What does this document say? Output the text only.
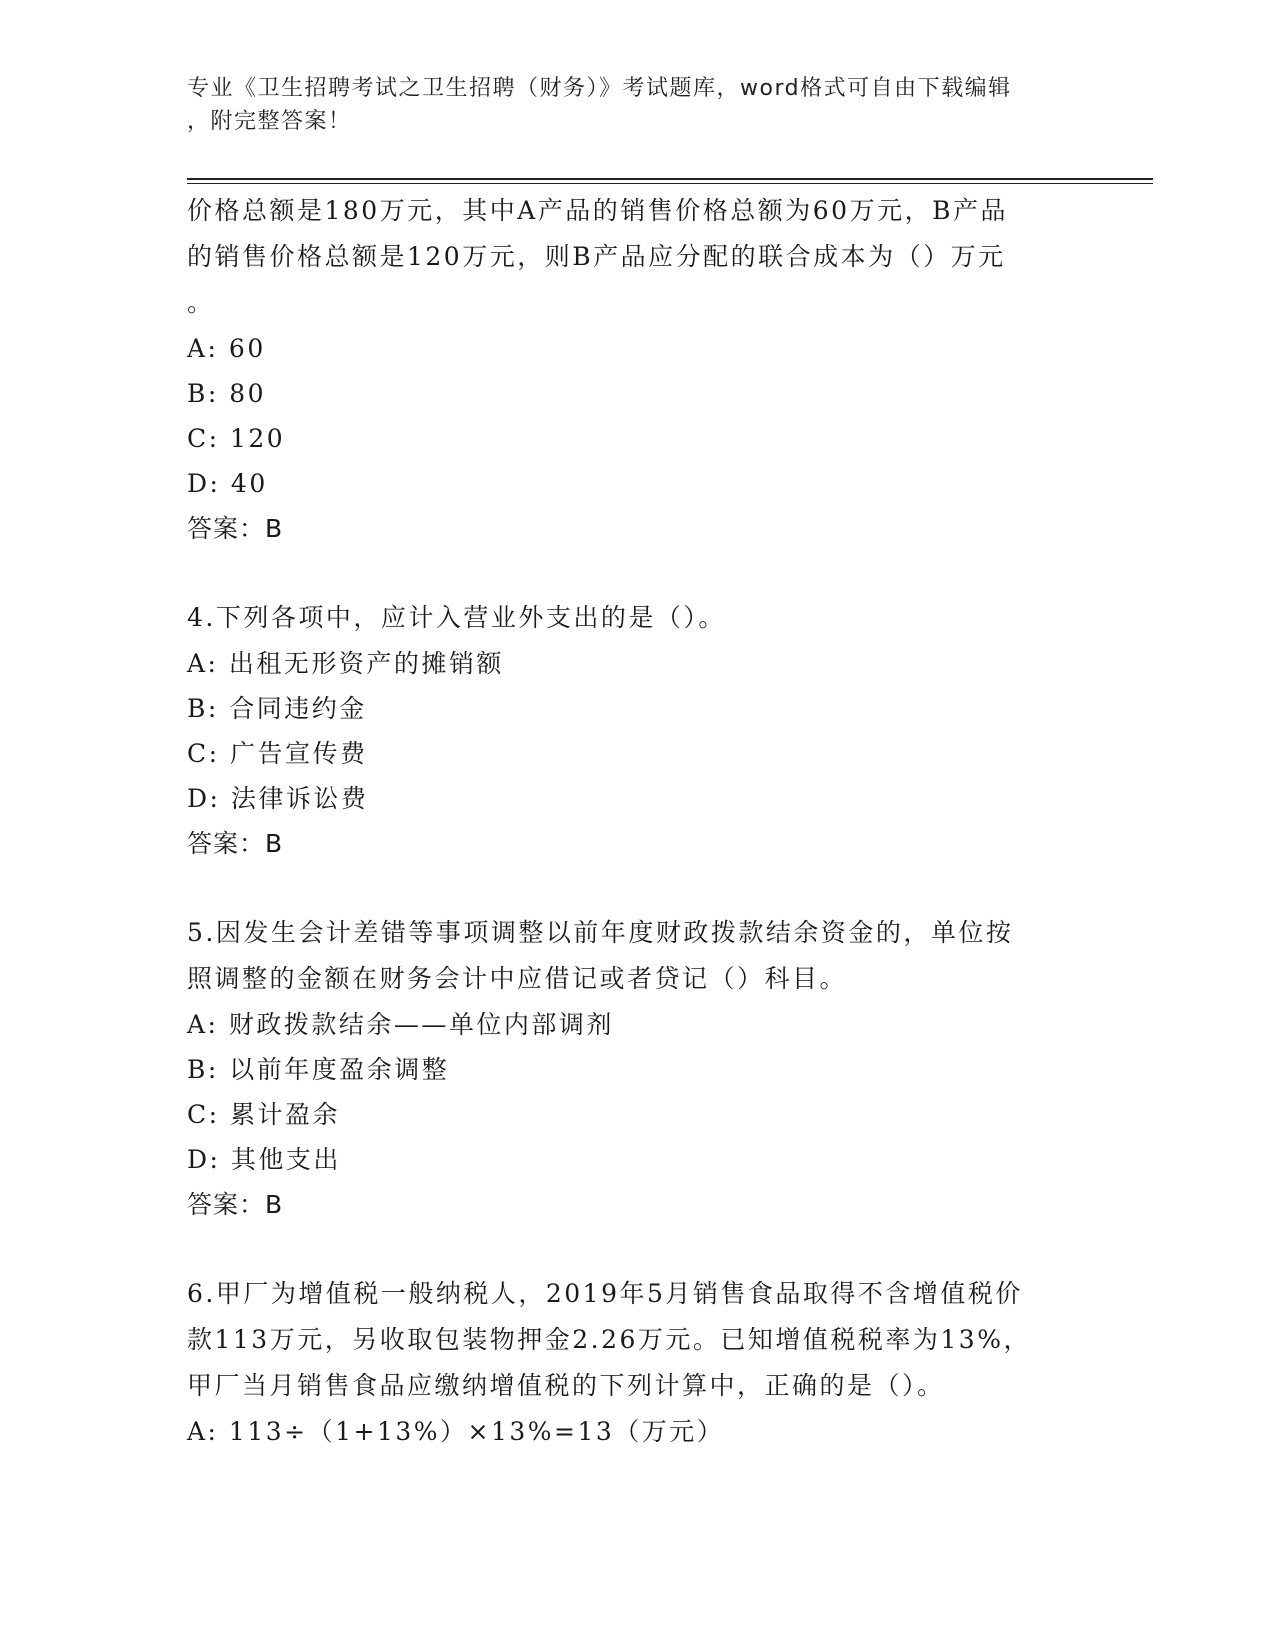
专业《卫生招聘考试之卫生招聘（财务）》考试题库，word格式可自由下载编辑
，附完整答案！
价格总额是180万元，其中A产品的销售价格总额为60万元，B产品
的销售价格总额是120万元，则B产品应分配的联合成本为（）万元
。
A: 60
B: 80
C: 120
D: 40
答案：B
4.下列各项中，应计入营业外支出的是（）。
A: 出租无形资产的摊销额
B: 合同违约金
C: 广告宣传费
D: 法律诉讼费
答案：B
5.因发生会计差错等事项调整以前年度财政拨款结余资金的，单位按
照调整的金额在财务会计中应借记或者贷记（）科目。
A: 财政拨款结余——单位内部调剂
B: 以前年度盈余调整
C: 累计盈余
D: 其他支出
答案：B
6.甲厂为增值税一般纳税人，2019年5月销售食品取得不含增值税价
款113万元，另收取包装物押金2.26万元。已知增值税税率为13%，
甲厂当月销售食品应缴纳增值税的下列计算中，正确的是（）。
A: 113÷（1+13%）×13%=13（万元）
